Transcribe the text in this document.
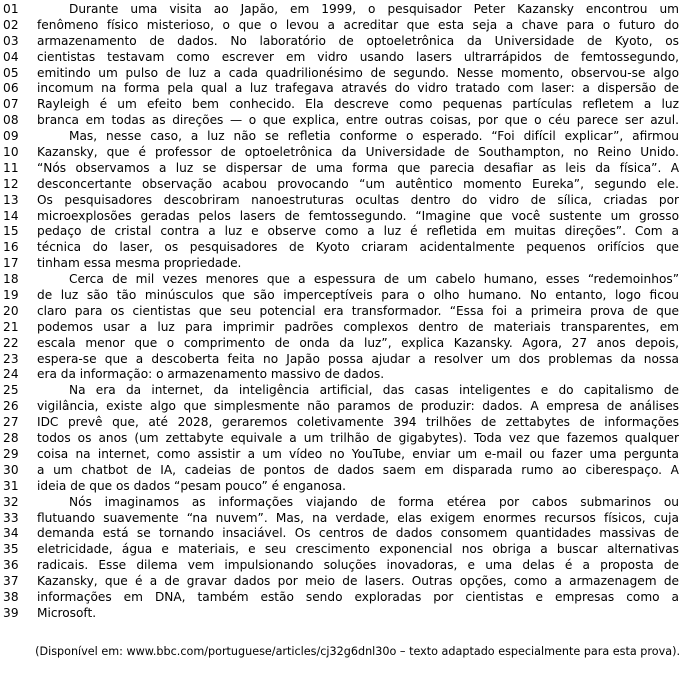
01	Durante uma visita ao Japão, em 1999, o pesquisador Peter Kazansky encontrou um
02	fenômeno físico misterioso, o que o levou a acreditar que esta seja a chave para o futuro do
03	armazenamento de dados. No laboratório de optoeletrônica da Universidade de Kyoto, os
04	cientistas testavam como escrever em vidro usando lasers ultrarrápidos de femtossegundo,
05	emitindo um pulso de luz a cada quadrilionésimo de segundo. Nesse momento, observou-se algo
06	incomum na forma pela qual a luz trafegava através do vidro tratado com laser: a dispersão de
07	Rayleigh é um efeito bem conhecido. Ela descreve como pequenas partículas refletem a luz
08	branca em todas as direções — o que explica, entre outras coisas, por que o céu parece ser azul.
09	Mas, nesse caso, a luz não se refletia conforme o esperado. “Foi difícil explicar”, afirmou
10	Kazansky, que é professor de optoeletrônica da Universidade de Southampton, no Reino Unido.
11	“Nós observamos a luz se dispersar de uma forma que parecia desafiar as leis da física”. A
12	desconcertante observação acabou provocando “um autêntico momento Eureka”, segundo ele.
13	Os pesquisadores descobriram nanoestruturas ocultas dentro do vidro de sílica, criadas por
14	microexplosões geradas pelos lasers de femtossegundo. “Imagine que você sustente um grosso
15	pedaço de cristal contra a luz e observe como a luz é refletida em muitas direções”. Com a
16	técnica do laser, os pesquisadores de Kyoto criaram acidentalmente pequenos orifícios que
17	tinham essa mesma propriedade.
18	Cerca de mil vezes menores que a espessura de um cabelo humano, esses “redemoinhos”
19	de luz são tão minúsculos que são imperceptíveis para o olho humano. No entanto, logo ficou
20	claro para os cientistas que seu potencial era transformador. “Essa foi a primeira prova de que
21	podemos usar a luz para imprimir padrões complexos dentro de materiais transparentes, em
22	escala menor que o comprimento de onda da luz”, explica Kazansky. Agora, 27 anos depois,
23	espera-se que a descoberta feita no Japão possa ajudar a resolver um dos problemas da nossa
24	era da informação: o armazenamento massivo de dados.
25	Na era da internet, da inteligência artificial, das casas inteligentes e do capitalismo de
26	vigilância, existe algo que simplesmente não paramos de produzir: dados. A empresa de análises
27	IDC prevê que, até 2028, geraremos coletivamente 394 trilhões de zettabytes de informações
28	todos os anos (um zettabyte equivale a um trilhão de gigabytes). Toda vez que fazemos qualquer
29	coisa na internet, como assistir a um vídeo no YouTube, enviar um e-mail ou fazer uma pergunta
30	a um chatbot de IA, cadeias de pontos de dados saem em disparada rumo ao ciberespaço. A
31	ideia de que os dados “pesam pouco” é enganosa.
32	Nós imaginamos as informações viajando de forma etérea por cabos submarinos ou
33	flutuando suavemente “na nuvem”. Mas, na verdade, elas exigem enormes recursos físicos, cuja
34	demanda está se tornando insaciável. Os centros de dados consomem quantidades massivas de
35	eletricidade, água e materiais, e seu crescimento exponencial nos obriga a buscar alternativas
36	radicais. Esse dilema vem impulsionando soluções inovadoras, e uma delas é a proposta de
37	Kazansky, que é a de gravar dados por meio de lasers. Outras opções, como a armazenagem de
38	informações em DNA, também estão sendo exploradas por cientistas e empresas como a
39	Microsoft.
(Disponível em: www.bbc.com/portuguese/articles/cj32g6dnl30o – texto adaptado especialmente para esta prova).
